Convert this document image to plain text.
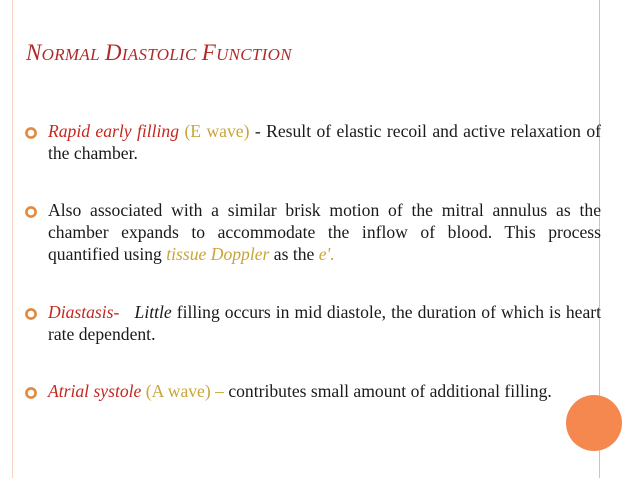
NORMAL DIASTOLIC FUNCTION
Rapid early filling (E wave) - Result of elastic recoil and active relaxation of the chamber.
Also associated with a similar brisk motion of the mitral annulus as the chamber expands to accommodate the inflow of blood. This process quantified using tissue Doppler as the e'.
Diastasis- Little filling occurs in mid diastole, the duration of which is heart rate dependent.
Atrial systole (A wave) – contributes small amount of additional filling.
